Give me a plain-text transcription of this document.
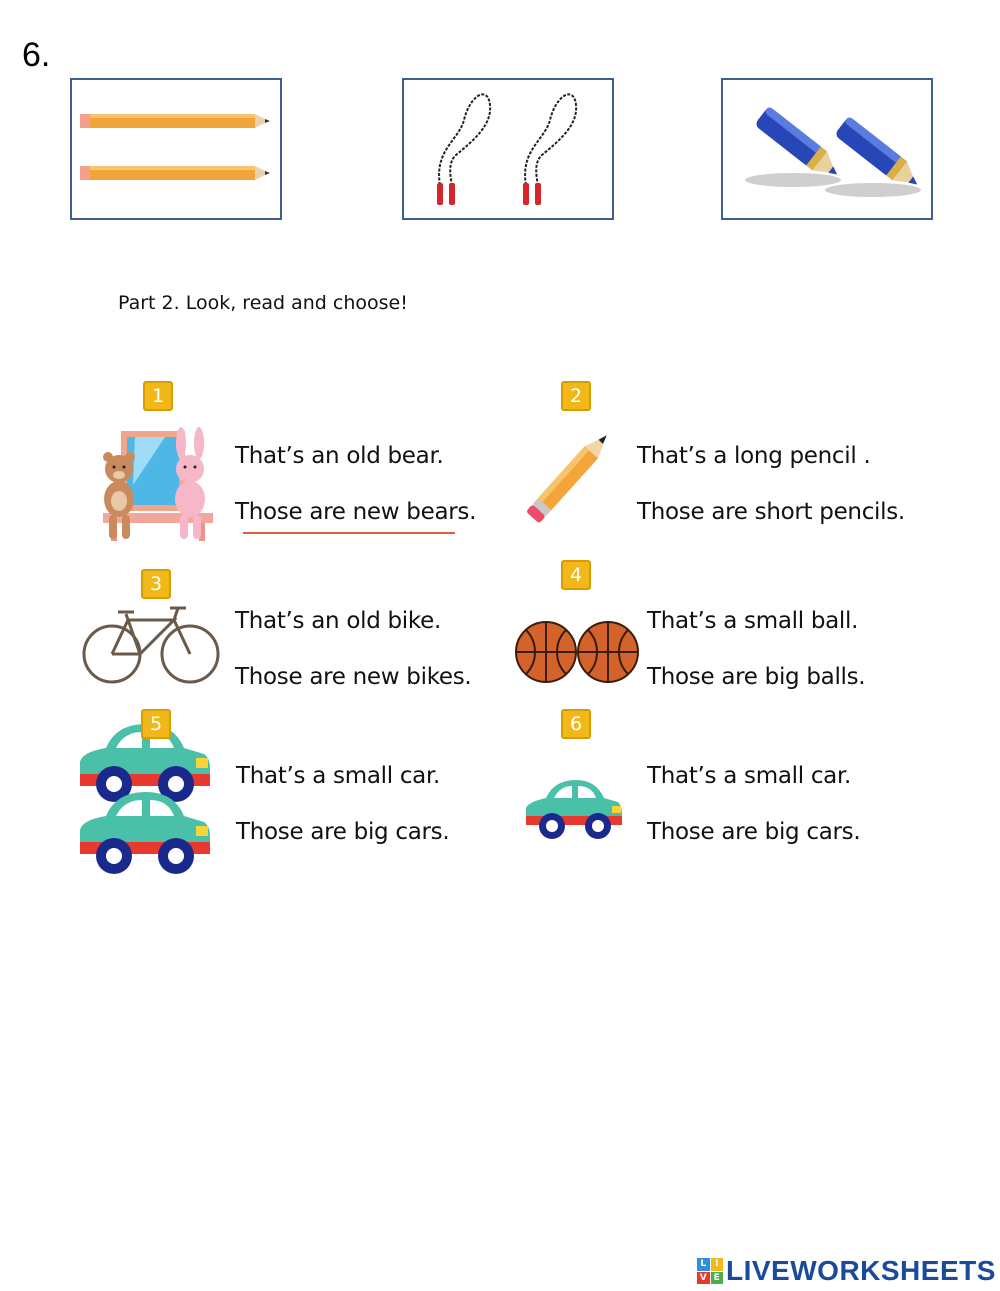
6.
Part 2. Look, read and choose!
1
That’s an old bear.
Those are new bears.
2
That’s a long pencil .
Those are short pencils.
3
That’s an old bike.
Those are new bikes.
4
That’s a small ball.
Those are big balls.
5
That’s a small car.
Those are big cars.
6
That’s a small car.
Those are big cars.
L I
V E LIVEWORKSHEETS
